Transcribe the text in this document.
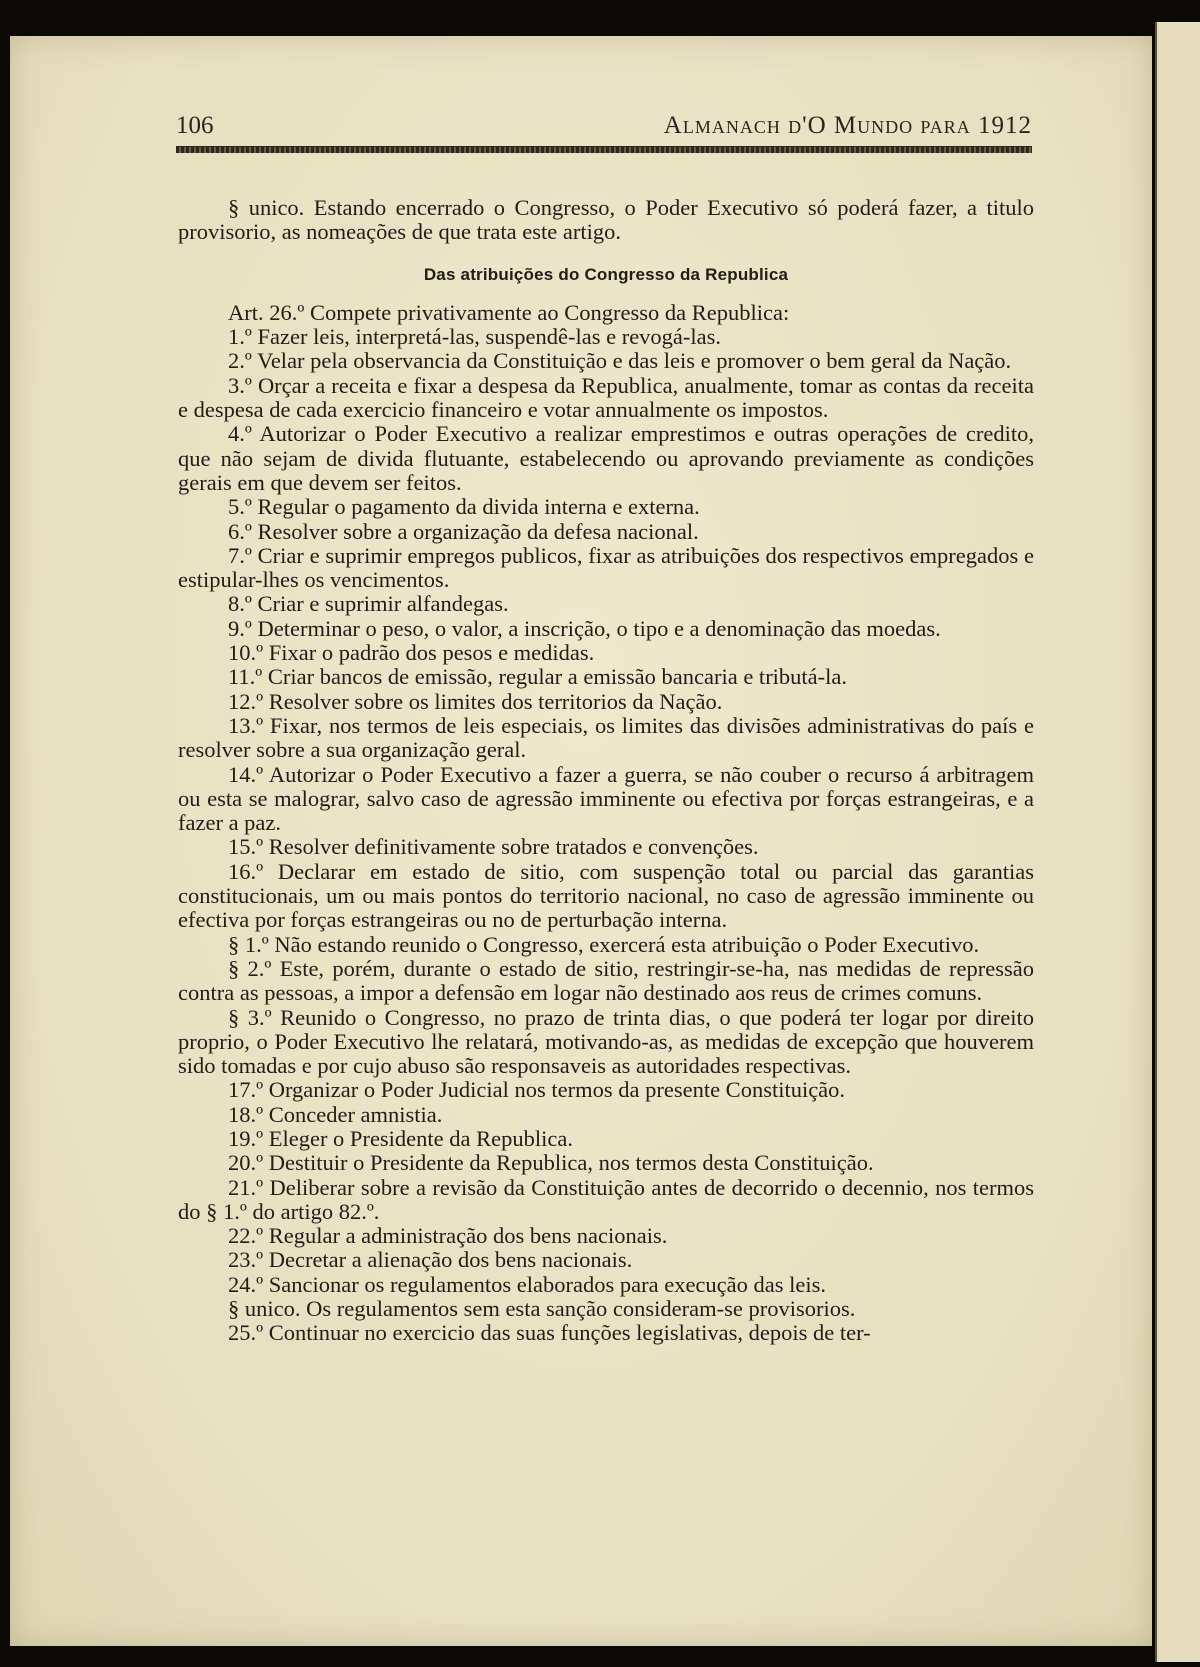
106	Almanach d'O Mundo para 1912

§ unico. Estando encerrado o Congresso, o Poder Executivo só poderá fazer, a titulo provisorio, as nomeações de que trata este artigo.

Das atribuições do Congresso da Republica

Art. 26.º Compete privativamente ao Congresso da Republica:

1.º Fazer leis, interpretá-las, suspendê-las e revogá-las.

2.º Velar pela observancia da Constituição e das leis e promover o bem geral da Nação.

3.º Orçar a receita e fixar a despesa da Republica, anualmente, tomar as contas da receita e despesa de cada exercicio financeiro e votar annualmente os impostos.

4.º Autorizar o Poder Executivo a realizar emprestimos e outras operações de credito, que não sejam de divida flutuante, estabelecendo ou aprovando previamente as condições gerais em que devem ser feitos.

5.º Regular o pagamento da divida interna e externa.

6.º Resolver sobre a organização da defesa nacional.

7.º Criar e suprimir empregos publicos, fixar as atribuições dos respectivos empregados e estipular-lhes os vencimentos.

8.º Criar e suprimir alfandegas.

9.º Determinar o peso, o valor, a inscrição, o tipo e a denominação das moedas.

10.º Fixar o padrão dos pesos e medidas.

11.º Criar bancos de emissão, regular a emissão bancaria e tributá-la.

12.º Resolver sobre os limites dos territorios da Nação.

13.º Fixar, nos termos de leis especiais, os limites das divisões administrativas do país e resolver sobre a sua organização geral.

14.º Autorizar o Poder Executivo a fazer a guerra, se não couber o recurso á arbitragem ou esta se malograr, salvo caso de agressão imminente ou efectiva por forças estrangeiras, e a fazer a paz.

15.º Resolver definitivamente sobre tratados e convenções.

16.º Declarar em estado de sitio, com suspenção total ou parcial das garantias constitucionais, um ou mais pontos do territorio nacional, no caso de agressão imminente ou efectiva por forças estrangeiras ou no de perturbação interna.

§ 1.º Não estando reunido o Congresso, exercerá esta atribuição o Poder Executivo.

§ 2.º Este, porém, durante o estado de sitio, restringir-se-ha, nas medidas de repressão contra as pessoas, a impor a defensão em logar não destinado aos reus de crimes comuns.

§ 3.º Reunido o Congresso, no prazo de trinta dias, o que poderá ter logar por direito proprio, o Poder Executivo lhe relatará, motivando-as, as medidas de excepção que houverem sido tomadas e por cujo abuso são responsaveis as autoridades respectivas.

17.º Organizar o Poder Judicial nos termos da presente Constituição.

18.º Conceder amnistia.

19.º Eleger o Presidente da Republica.

20.º Destituir o Presidente da Republica, nos termos desta Constituição.

21.º Deliberar sobre a revisão da Constituição antes de decorrido o decennio, nos termos do § 1.º do artigo 82.º.

22.º Regular a administração dos bens nacionais.

23.º Decretar a alienação dos bens nacionais.

24.º Sancionar os regulamentos elaborados para execução das leis.

§ unico. Os regulamentos sem esta sanção consideram-se provisorios.

25.º Continuar no exercicio das suas funções legislativas, depois de ter-
